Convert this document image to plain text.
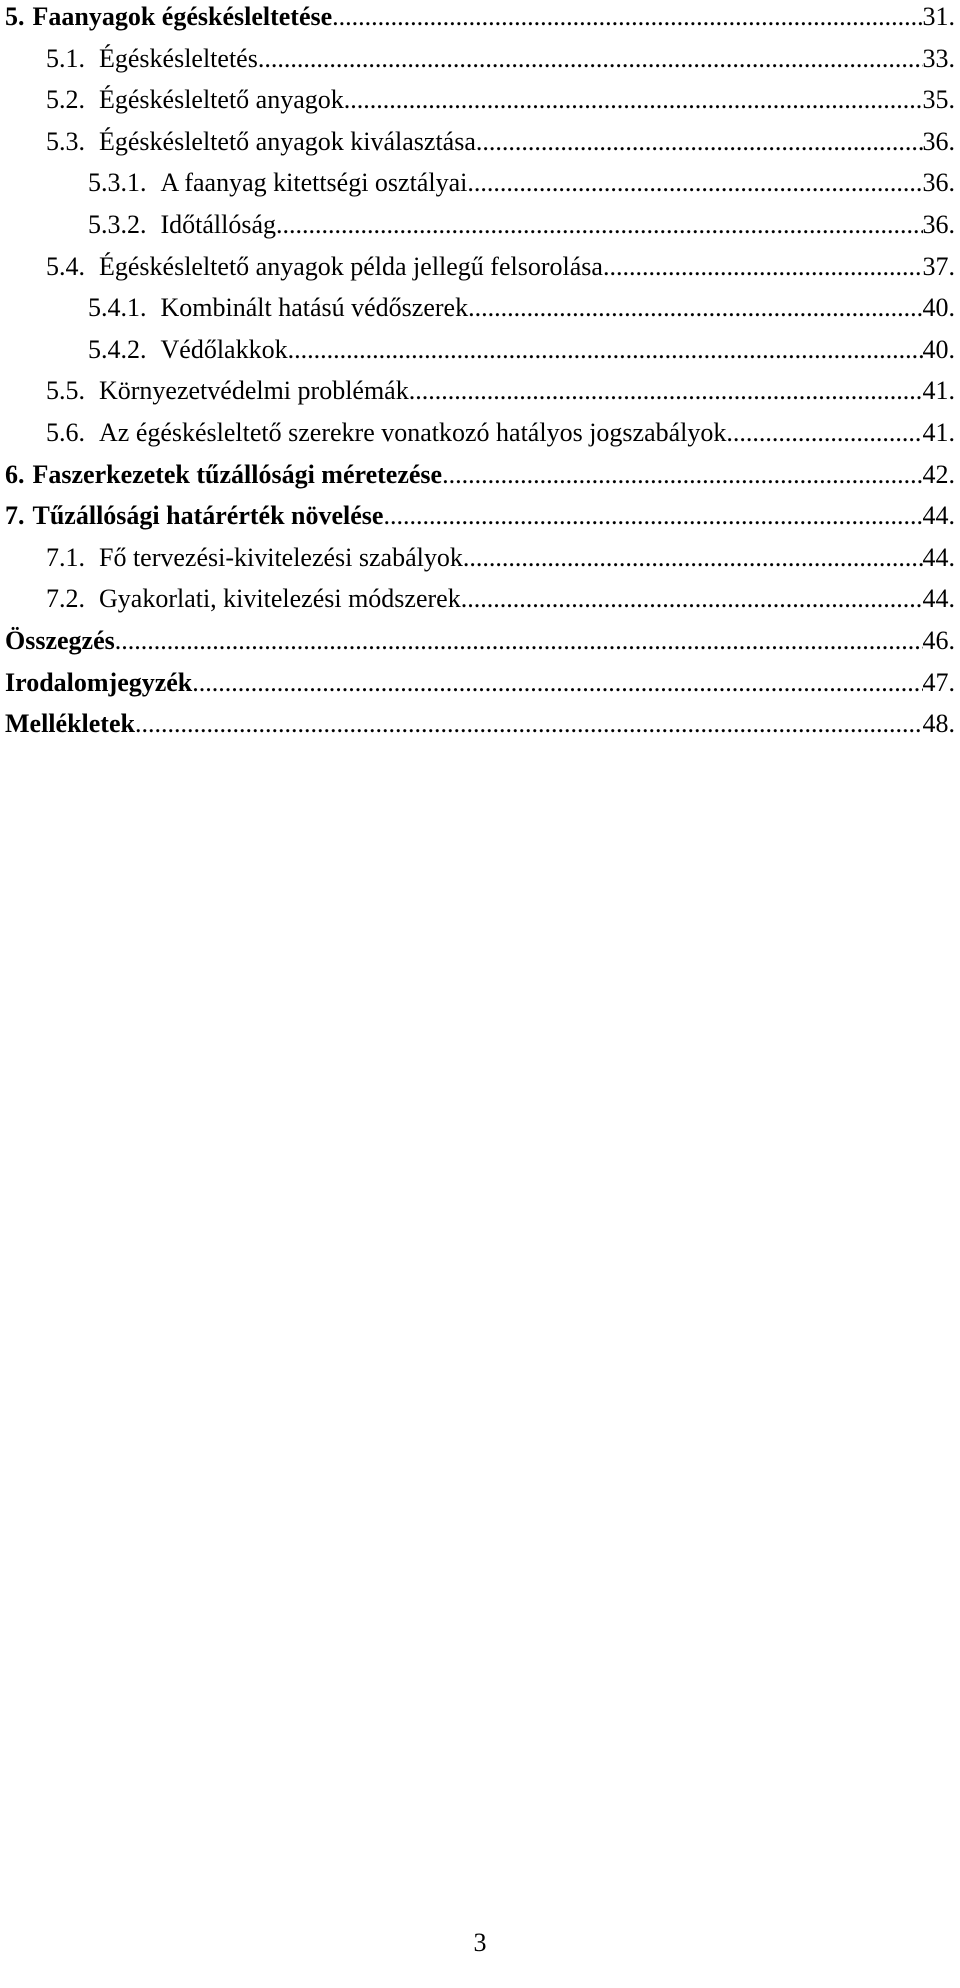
5. Faanyagok égéskésleltetése .....	31.
5.1. Égéskésleltetés .....	33.
5.2. Égéskésleltető anyagok .....	35.
5.3. Égéskésleltető anyagok kiválasztása .....	36.
5.3.1. A faanyag kitettségi osztályai .....	36.
5.3.2. Időtállóság .....	36.
5.4. Égéskésleltető anyagok példa jellegű felsorolása .....	37.
5.4.1. Kombinált hatású védőszerek .....	40.
5.4.2. Védőlakkok .....	40.
5.5. Környezetvédelmi problémák .....	41.
5.6. Az égéskésleltető szerekre vonatkozó hatályos jogszabályok .....	41.
6. Faszerkezetek tűzállósági méretezése .....	42.
7. Tűzállósági határérték növelése .....	44.
7.1. Fő tervezési-kivitelezési szabályok .....	44.
7.2. Gyakorlati, kivitelezési módszerek .....	44.
Összegzés .....	46.
Irodalomjegyzék .....	47.
Mellékletek .....	48.
3
